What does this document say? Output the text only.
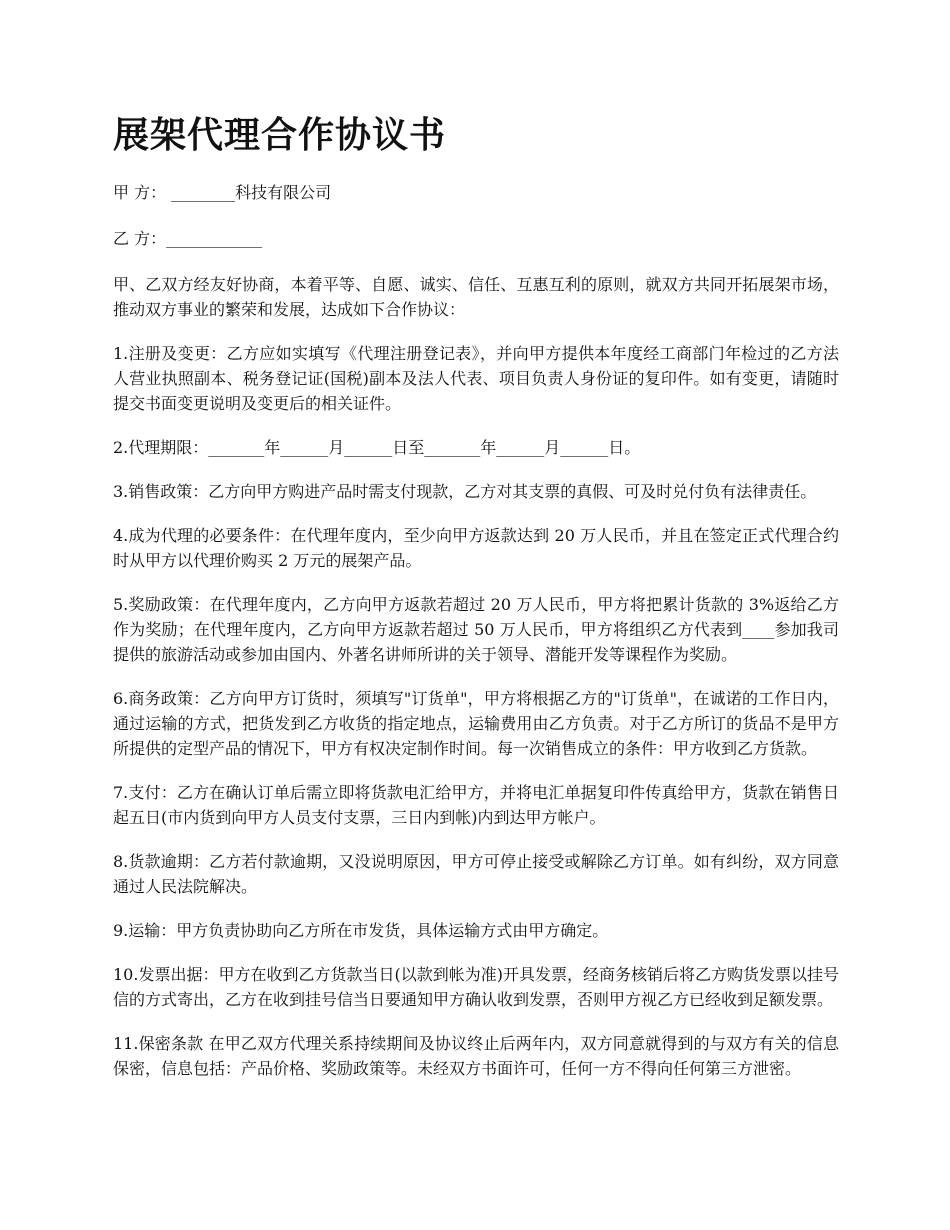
展架代理合作协议书

甲 方： ________科技有限公司

乙 方：____________

甲、乙双方经友好协商，本着平等、自愿、诚实、信任、互惠互利的原则，就双方共同开拓展架市场，推动双方事业的繁荣和发展，达成如下合作协议：

1.注册及变更：乙方应如实填写《代理注册登记表》，并向甲方提供本年度经工商部门年检过的乙方法人营业执照副本、税务登记证(国税)副本及法人代表、项目负责人身份证的复印件。如有变更，请随时提交书面变更说明及变更后的相关证件。

2.代理期限：_______年______月______日至_______年______月______日。

3.销售政策：乙方向甲方购进产品时需支付现款，乙方对其支票的真假、可及时兑付负有法律责任。

4.成为代理的必要条件：在代理年度内，至少向甲方返款达到 20 万人民币，并且在签定正式代理合约时从甲方以代理价购买 2 万元的展架产品。

5.奖励政策：在代理年度内，乙方向甲方返款若超过 20 万人民币，甲方将把累计货款的 3%返给乙方作为奖励；在代理年度内，乙方向甲方返款若超过 50 万人民币，甲方将组织乙方代表到____参加我司提供的旅游活动或参加由国内、外著名讲师所讲的关于领导、潜能开发等课程作为奖励。

6.商务政策：乙方向甲方订货时，须填写"订货单"，甲方将根据乙方的"订货单"，在诚诺的工作日内，通过运输的方式，把货发到乙方收货的指定地点，运输费用由乙方负责。对于乙方所订的货品不是甲方所提供的定型产品的情况下，甲方有权决定制作时间。每一次销售成立的条件：甲方收到乙方货款。

7.支付：乙方在确认订单后需立即将货款电汇给甲方，并将电汇单据复印件传真给甲方，货款在销售日起五日(市内货到向甲方人员支付支票，三日内到帐)内到达甲方帐户。

8.货款逾期：乙方若付款逾期，又没说明原因，甲方可停止接受或解除乙方订单。如有纠纷，双方同意通过人民法院解决。

9.运输：甲方负责协助向乙方所在市发货，具体运输方式由甲方确定。

10.发票出据：甲方在收到乙方货款当日(以款到帐为准)开具发票，经商务核销后将乙方购货发票以挂号信的方式寄出，乙方在收到挂号信当日要通知甲方确认收到发票，否则甲方视乙方已经收到足额发票。

11.保密条款 在甲乙双方代理关系持续期间及协议终止后两年内，双方同意就得到的与双方有关的信息保密，信息包括：产品价格、奖励政策等。未经双方书面许可，任何一方不得向任何第三方泄密。
